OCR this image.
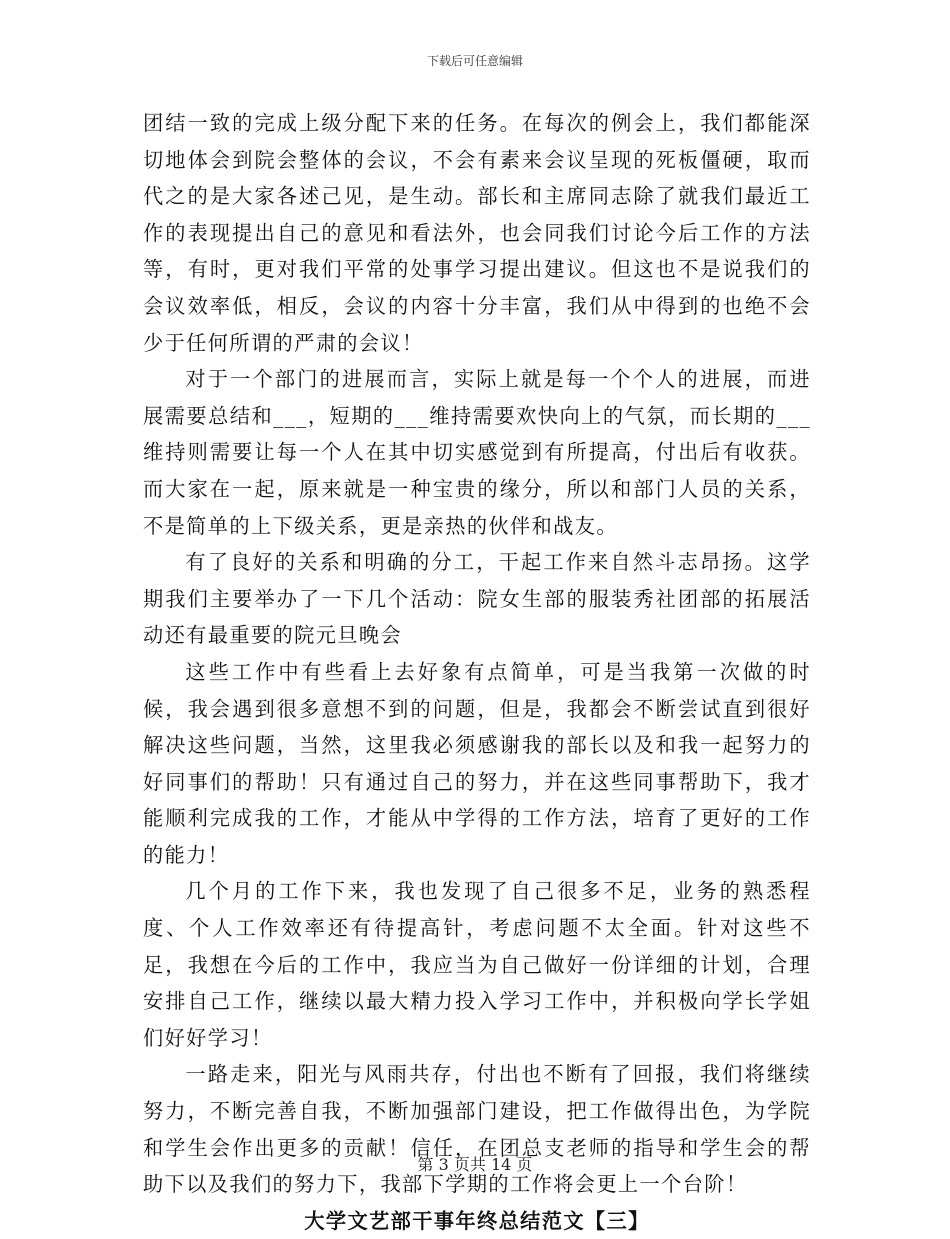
下载后可任意编辑

团结一致的完成上级分配下来的任务。在每次的例会上，我们都能深切地体会到院会整体的会议，不会有素来会议呈现的死板僵硬，取而代之的是大家各述己见，是生动。部长和主席同志除了就我们最近工作的表现提出自己的意见和看法外，也会同我们讨论今后工作的方法等，有时，更对我们平常的处事学习提出建议。但这也不是说我们的会议效率低，相反，会议的内容十分丰富，我们从中得到的也绝不会少于任何所谓的严肃的会议！

对于一个部门的进展而言，实际上就是每一个个人的进展，而进展需要总结和___，短期的___维持需要欢快向上的气氛，而长期的___维持则需要让每一个人在其中切实感觉到有所提高，付出后有收获。而大家在一起，原来就是一种宝贵的缘分，所以和部门人员的关系，不是简单的上下级关系，更是亲热的伙伴和战友。

有了良好的关系和明确的分工，干起工作来自然斗志昂扬。这学期我们主要举办了一下几个活动：院女生部的服装秀社团部的拓展活动还有最重要的院元旦晚会

这些工作中有些看上去好象有点简单，可是当我第一次做的时候，我会遇到很多意想不到的问题，但是，我都会不断尝试直到很好解决这些问题，当然，这里我必须感谢我的部长以及和我一起努力的好同事们的帮助！只有通过自己的努力，并在这些同事帮助下，我才能顺利完成我的工作，才能从中学得的工作方法，培育了更好的工作的能力！

几个月的工作下来，我也发现了自己很多不足，业务的熟悉程度、个人工作效率还有待提高针，考虑问题不太全面。针对这些不足，我想在今后的工作中，我应当为自己做好一份详细的计划，合理安排自己工作，继续以最大精力投入学习工作中，并积极向学长学姐们好好学习！

一路走来，阳光与风雨共存，付出也不断有了回报，我们将继续努力，不断完善自我，不断加强部门建设，把工作做得出色，为学院和学生会作出更多的贡献！信任，在团总支老师的指导和学生会的帮助下以及我们的努力下，我部下学期的工作将会更上一个台阶！

大学文艺部干事年终总结范文【三】

第 3 页共 14 页
